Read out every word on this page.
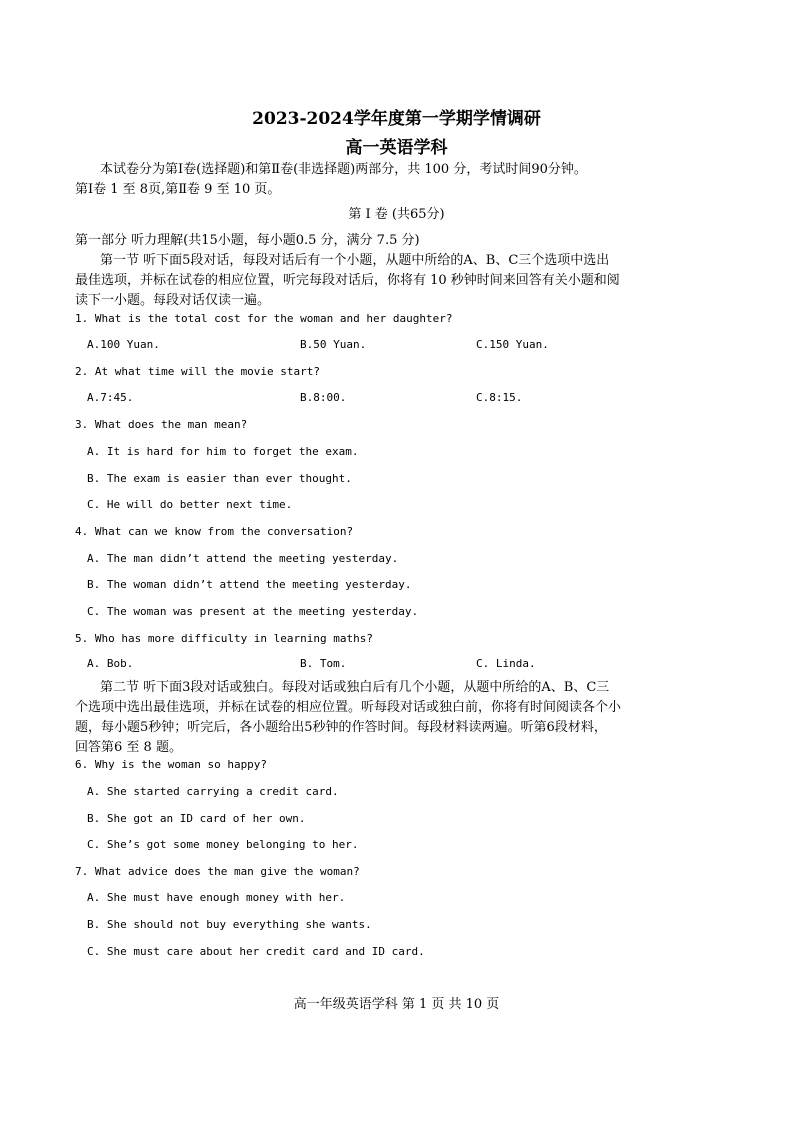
2023-2024学年度第一学期学情调研
高一英语学科
本试卷分为第Ⅰ卷(选择题)和第Ⅱ卷(非选择题)两部分，共 100 分，考试时间90分钟。
第Ⅰ卷 1 至 8页,第Ⅱ卷 9 至 10 页。
第 Ⅰ 卷 (共65分)
第一部分 听力理解(共15小题，每小题0.5 分，满分 7.5 分)
第一节 听下面5段对话，每段对话后有一个小题，从题中所给的A、B、C三个选项中选出
最佳选项，并标在试卷的相应位置，听完每段对话后，你将有 10 秒钟时间来回答有关小题和阅
读下一小题。每段对话仅读一遍。
1. What is the total cost for the woman and her daughter?
A.100 Yuan.	B.50 Yuan.	C.150 Yuan.
2. At what time will the movie start?
A.7:45.	B.8:00.	C.8:15.
3. What does the man mean?
A. It is hard for him to forget the exam.
B. The exam is easier than ever thought.
C. He will do better next time.
4. What can we know from the conversation?
A. The man didn’t attend the meeting yesterday.
B. The woman didn’t attend the meeting yesterday.
C. The woman was present at the meeting yesterday.
5. Who has more difficulty in learning maths?
A. Bob.	B. Tom.	C. Linda.
第二节 听下面3段对话或独白。每段对话或独白后有几个小题，从题中所给的A、B、C三
个选项中选出最佳选项，并标在试卷的相应位置。听每段对话或独白前，你将有时间阅读各个小
题，每小题5秒钟；听完后，各小题给出5秒钟的作答时间。每段材料读两遍。听第6段材料，
回答第6 至 8 题。
6. Why is the woman so happy?
A. She started carrying a credit card.
B. She got an ID card of her own.
C. She’s got some money belonging to her.
7. What advice does the man give the woman?
A. She must have enough money with her.
B. She should not buy everything she wants.
C. She must care about her credit card and ID card.
高一年级英语学科 第 1 页 共 10 页
